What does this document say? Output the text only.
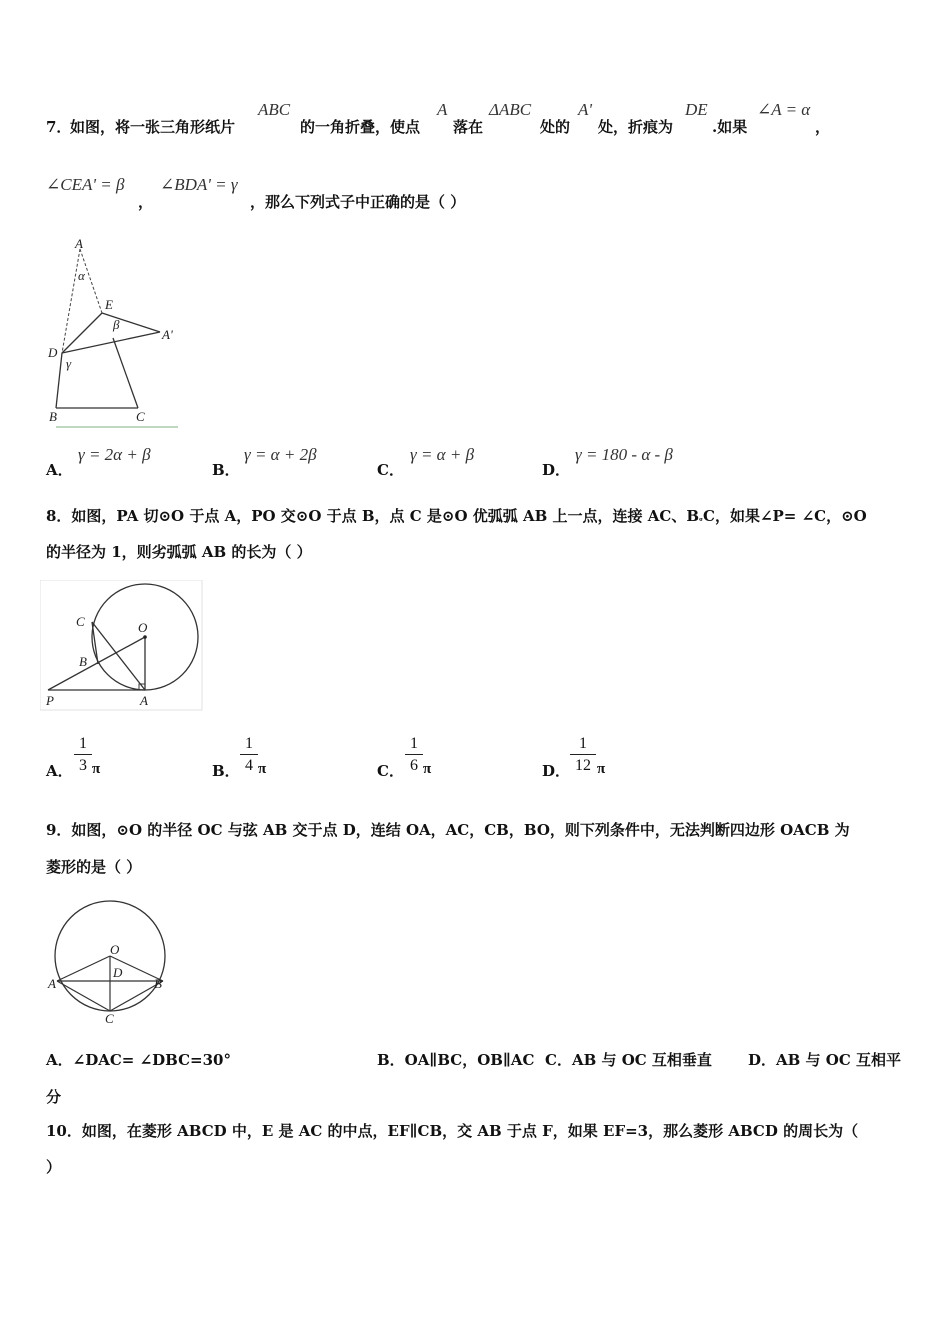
7．
如图，将一张三角形纸片
ABC
的一角折叠，使点
A
落在
ΔABC
处的
A'
处，折痕为
DE
.如果
∠A = α
，
∠CEA' = β
，
∠BDA' = γ
，那么下列式子中正确的是（ ）
A
α
E
β
A'
D
γ
B	C
A．
γ = 2α + β
B．
γ = α + 2β
C．
γ = α + β
D．
γ = 180 - α - β
8．如图，PA 切⊙O 于点 A，PO 交⊙O 于点 B，点 C 是⊙O 优弧弧 AB 上一点，连接 AC、BᵍC，如果∠P= ∠C，⊙O
的半径为 1，则劣弧弧 AB 的长为（ ）
C	O
B
P	A
A． $\frac{1}{3}$ π	B． $\frac{1}{4}$ π	C． $\frac{1}{6}$ π	D． $\frac{1}{12}$ π
9．如图，⊙O 的半径 OC 与弦 AB 交于点 D，连结 OA，AC，CB，BO，则下列条件中，无法判断四边形 OACB 为
菱形的是（ ）
O
D
A	B
C
A．∠DAC= ∠DBC=30°	B．OA∥BC，OB∥AC C．AB 与 OC 互相垂直 D．AB 与 OC 互相平
分
10．如图，在菱形 ABCD 中，E 是 AC 的中点，EF∥CB，交 AB 于点 F，如果 EF=3，那么菱形 ABCD 的周长为（
）
